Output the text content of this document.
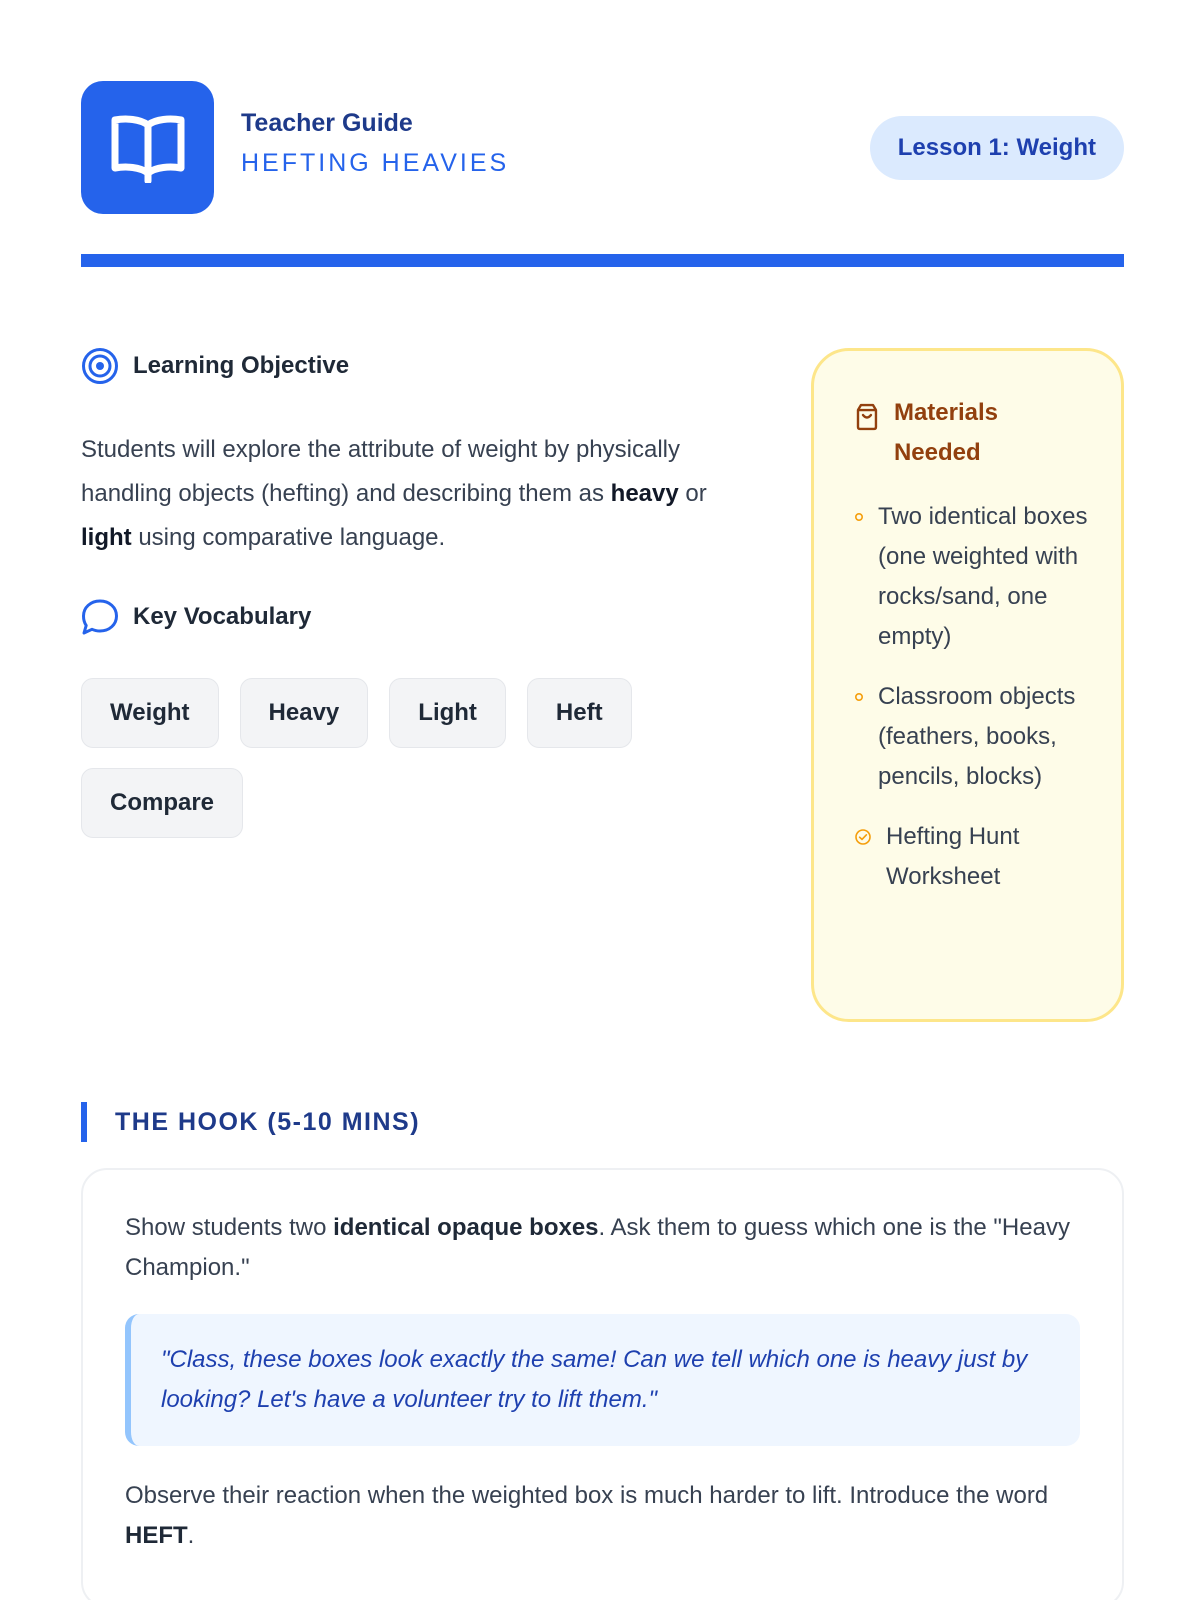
Teacher Guide
HEFTING HEAVIES
Lesson 1: Weight
Learning Objective

Students will explore the attribute of weight by physically handling objects (hefting) and describing them as heavy or light using comparative language.

Key Vocabulary
Weight	Heavy	Light	Heft
Compare
Materials Needed
Two identical boxes (one weighted with rocks/sand, one empty)
Classroom objects (feathers, books, pencils, blocks)
Hefting Hunt Worksheet
THE HOOK (5-10 MINS)

Show students two identical opaque boxes. Ask them to guess which one is the "Heavy Champion."

"Class, these boxes look exactly the same! Can we tell which one is heavy just by looking? Let's have a volunteer try to lift them."

Observe their reaction when the weighted box is much harder to lift. Introduce the word HEFT.
